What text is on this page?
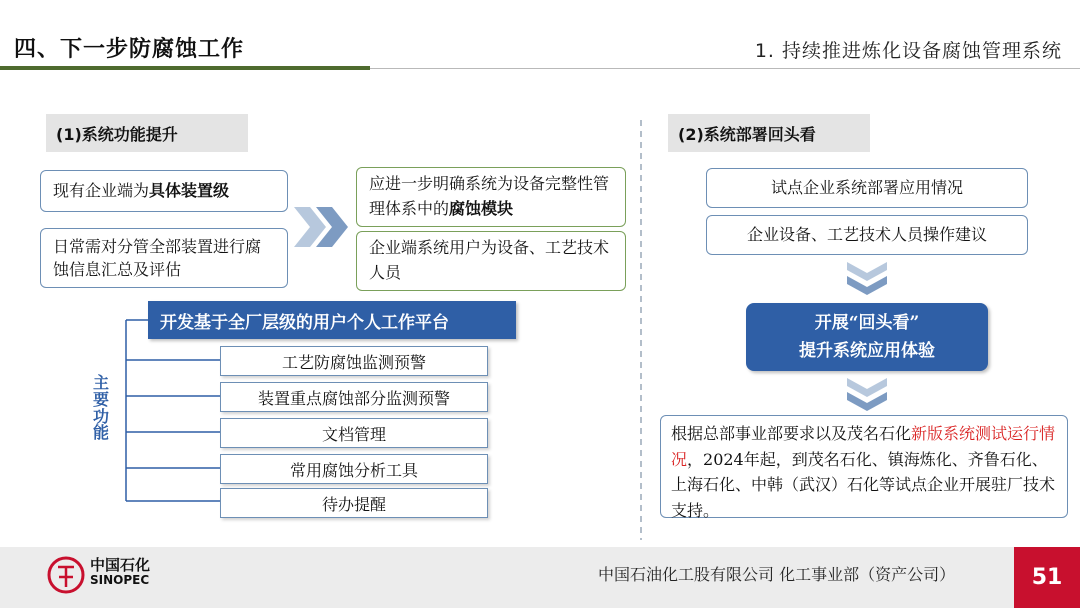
四、下一步防腐蚀工作	1. 持续推进炼化设备腐蚀管理系统
(1)系统功能提升
现有企业端为 具体装置级
日常需对分管全部装置进行腐蚀信息汇总及评估
应进一步明确系统为设备完整性管理体系中的腐蚀模块
企业端系统用户为设备、工艺技术人员
开发基于全厂层级的用户个人工作平台
主
要
功
能
工艺防腐蚀监测预警
装置重点腐蚀部分监测预警
文档管理
常用腐蚀分析工具
待办提醒
(2)系统部署回头看
试点企业系统部署应用情况
企业设备、工艺技术人员操作建议
开展“回头看”
提升系统应用体验
根据总部事业部要求以及茂名石化新版系统测试运行情况，2024年起，到茂名石化、镇海炼化、齐鲁石化、上海石化、中韩（武汉）石化等试点企业开展驻厂技术支持。
中国石化
SINOPEC	中国石油化工股有限公司 化工事业部（资产公司）	51
